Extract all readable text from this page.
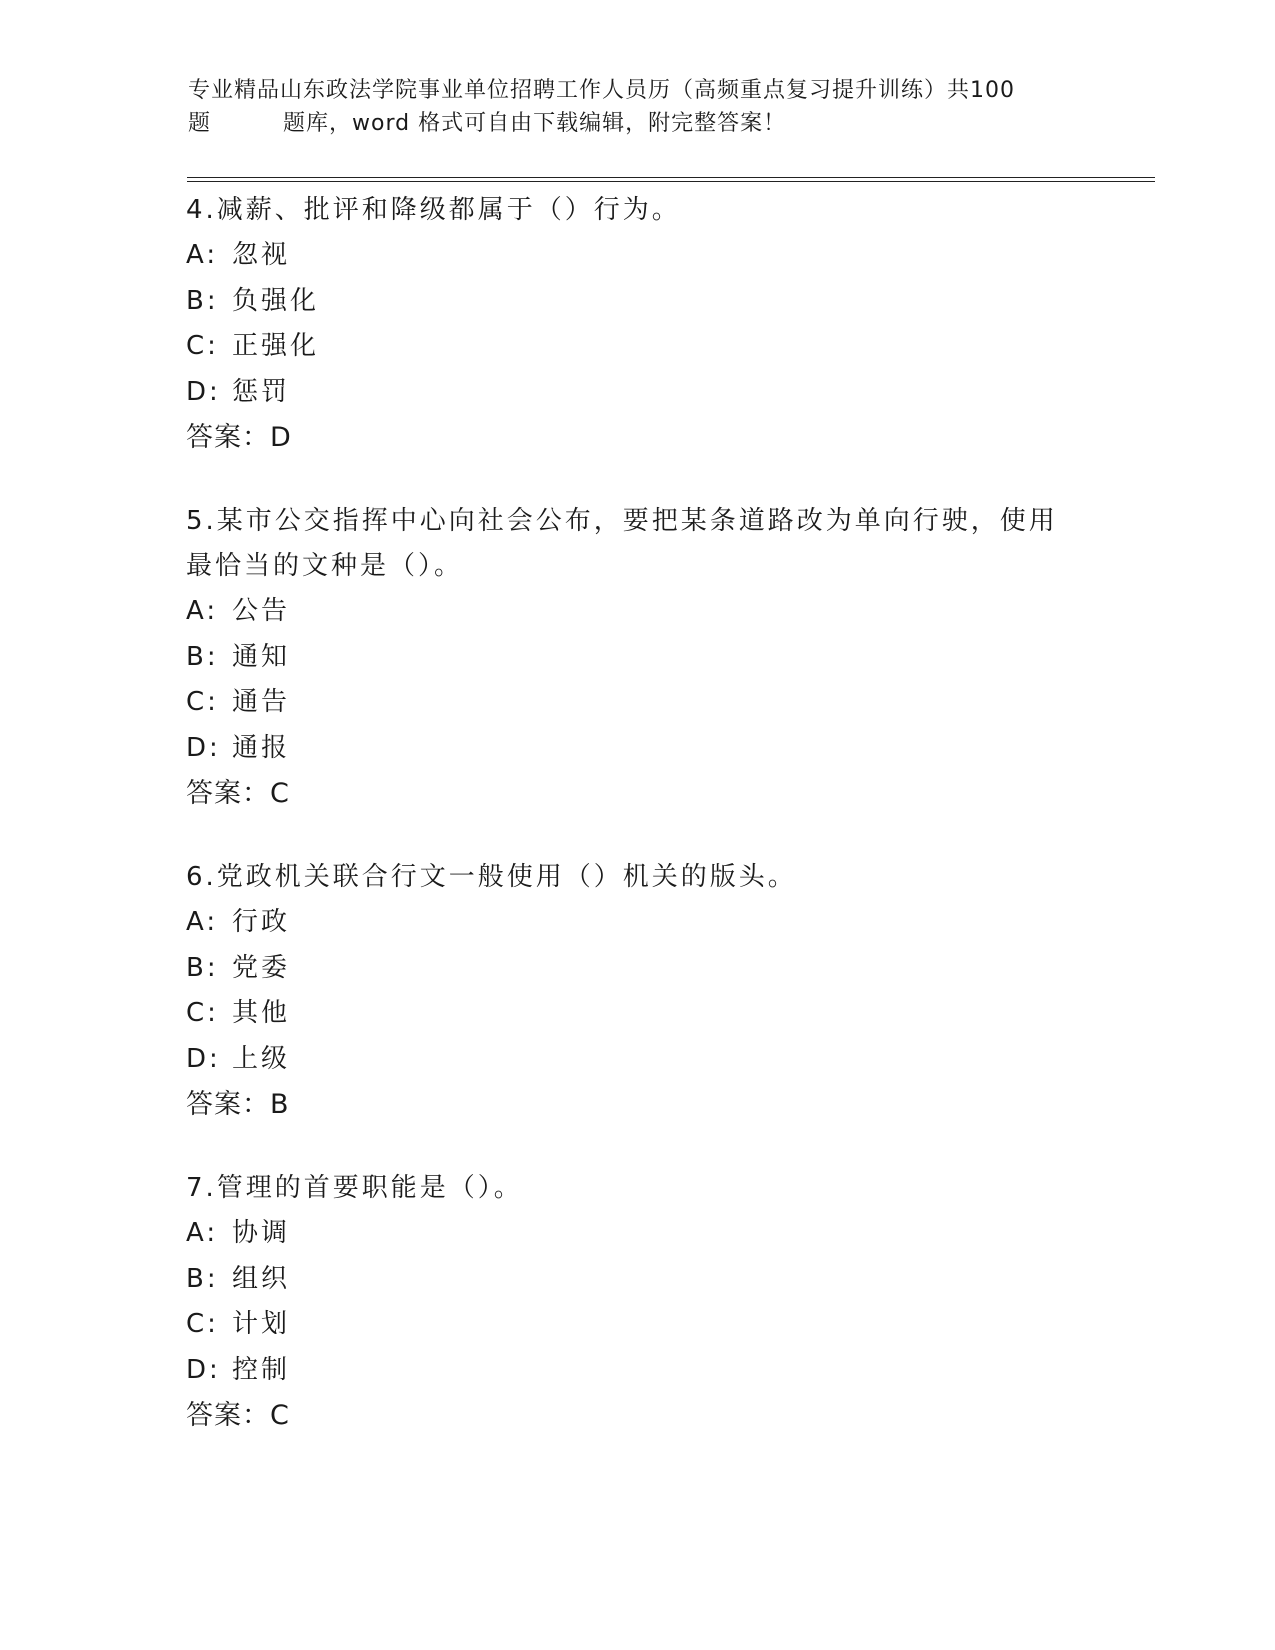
专业精品山东政法学院事业单位招聘工作人员历（高频重点复习提升训练）共100

题	题库，word 格式可自由下载编辑，附完整答案！

4.减薪、批评和降级都属于（）行为。

A: 忽视

B: 负强化

C: 正强化

D: 惩罚

答案：D

5.某市公交指挥中心向社会公布，要把某条道路改为单向行驶，使用

最恰当的文种是（）。

A: 公告

B: 通知

C: 通告

D: 通报

答案：C

6.党政机关联合行文一般使用（）机关的版头。

A: 行政

B: 党委

C: 其他

D: 上级

答案：B

7.管理的首要职能是（）。

A: 协调

B: 组织

C: 计划

D: 控制

答案：C
